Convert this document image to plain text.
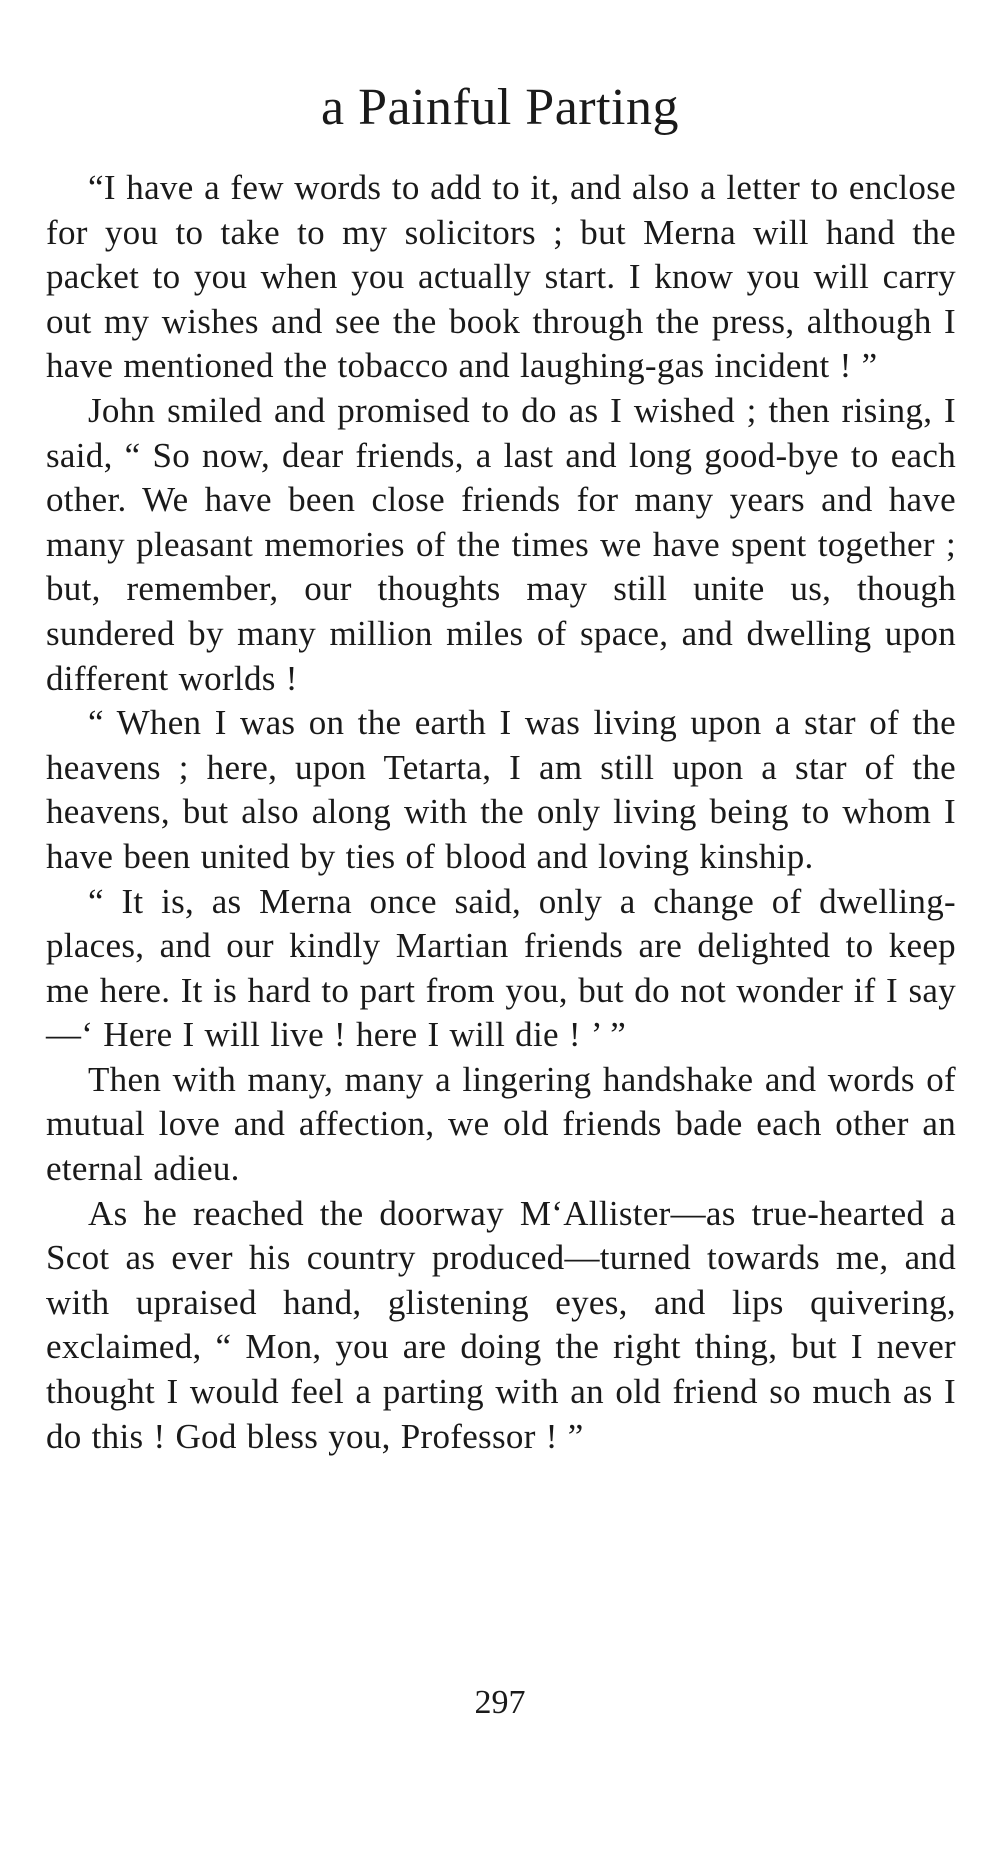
a Painful Parting

“I have a few words to add to it, and also a letter to enclose for you to take to my solicitors ; but Merna will hand the packet to you when you actually start. I know you will carry out my wishes and see the book through the press, although I have mentioned the tobacco and laughing-gas incident ! ”

John smiled and promised to do as I wished ; then rising, I said, “ So now, dear friends, a last and long good-bye to each other. We have been close friends for many years and have many pleasant memories of the times we have spent together ; but, remember, our thoughts may still unite us, though sundered by many million miles of space, and dwelling upon different worlds !

“ When I was on the earth I was living upon a star of the heavens ; here, upon Tetarta, I am still upon a star of the heavens, but also along with the only living being to whom I have been united by ties of blood and loving kinship.

“ It is, as Merna once said, only a change of dwelling-places, and our kindly Martian friends are delighted to keep me here. It is hard to part from you, but do not wonder if I say—‘ Here I will live ! here I will die ! ’ ”

Then with many, many a lingering handshake and words of mutual love and affection, we old friends bade each other an eternal adieu.

As he reached the doorway M‘Allister—as true-hearted a Scot as ever his country produced—turned towards me, and with upraised hand, glistening eyes, and lips quivering, exclaimed, “ Mon, you are doing the right thing, but I never thought I would feel a parting with an old friend so much as I do this ! God bless you, Professor ! ”

297
